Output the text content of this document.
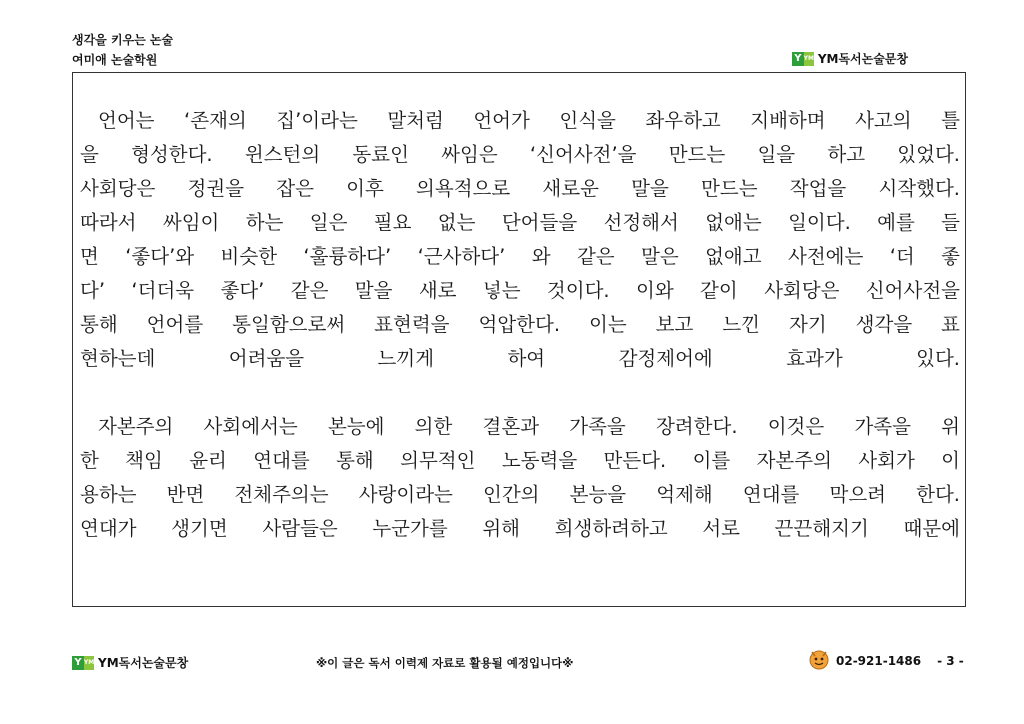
생각을 키우는 논술
여미애 논술학원	Y YM YM독서논술문창

언어는 ‘존재의 집’이라는 말처럼 언어가 인식을 좌우하고 지배하며 사고의 틀
을 형성한다. 윈스턴의 동료인 싸임은 ‘신어사전’을 만드는 일을 하고 있었다.
사회당은 정권을 잡은 이후 의욕적으로 새로운 말을 만드는 작업을 시작했다.
따라서 싸임이 하는 일은 필요 없는 단어들을 선정해서 없애는 일이다. 예를 들
면 ‘좋다’와 비슷한 ‘훌륭하다’ ‘근사하다’ 와 같은 말은 없애고 사전에는 ‘더 좋
다’ ‘더더욱 좋다’ 같은 말을 새로 넣는 것이다. 이와 같이 사회당은 신어사전을
통해 언어를 통일함으로써 표현력을 억압한다. 이는 보고 느낀 자기 생각을 표
현하는데 어려움을 느끼게 하여 감정제어에 효과가 있다.

자본주의 사회에서는 본능에 의한 결혼과 가족을 장려한다. 이것은 가족을 위
한 책임 윤리 연대를 통해 의무적인 노동력을 만든다. 이를 자본주의 사회가 이
용하는 반면 전체주의는 사랑이라는 인간의 본능을 억제해 연대를 막으려 한다.
연대가 생기면 사람들은 누군가를 위해 희생하려하고 서로 끈끈해지기 때문에

Y YM YM독서논술문창	※이 글은 독서 이력제 자료로 활용될 예정입니다※	02-921-1486 - 3 -
